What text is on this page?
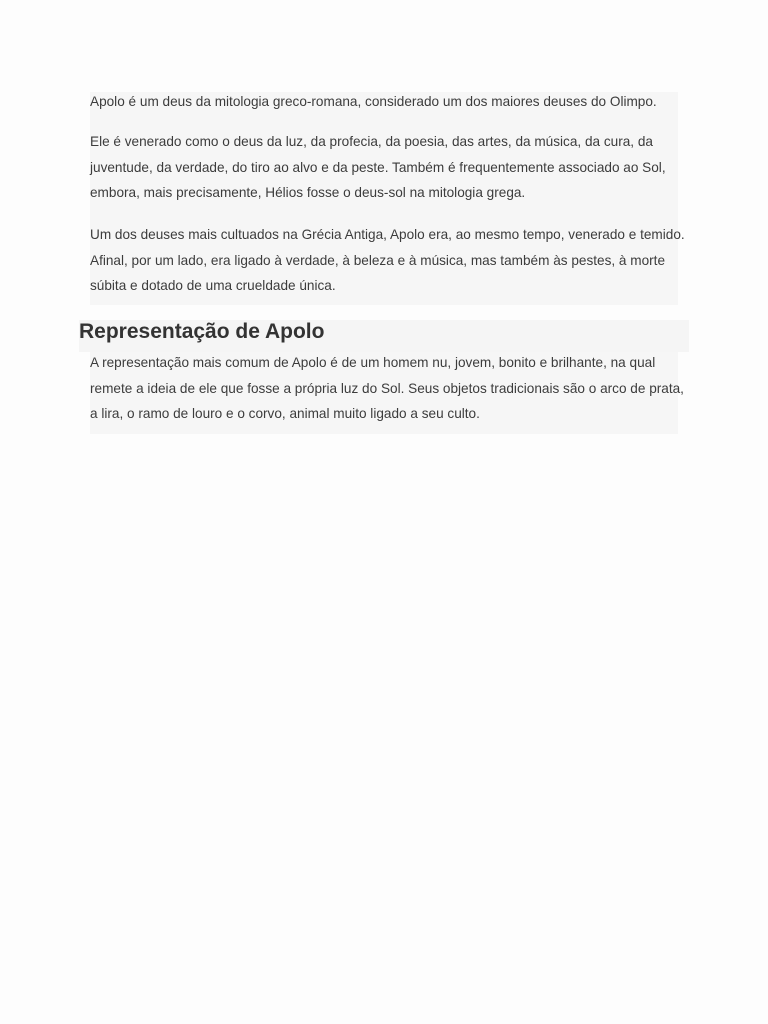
Apolo é um deus da mitologia greco-romana, considerado um dos maiores deuses do Olimpo.

Ele é venerado como o deus da luz, da profecia, da poesia, das artes, da música, da cura, da juventude, da verdade, do tiro ao alvo e da peste. Também é frequentemente associado ao Sol, embora, mais precisamente, Hélios fosse o deus-sol na mitologia grega.

Um dos deuses mais cultuados na Grécia Antiga, Apolo era, ao mesmo tempo, venerado e temido. Afinal, por um lado, era ligado à verdade, à beleza e à música, mas também às pestes, à morte súbita e dotado de uma crueldade única.

Representação de Apolo

A representação mais comum de Apolo é de um homem nu, jovem, bonito e brilhante, na qual remete a ideia de ele que fosse a própria luz do Sol. Seus objetos tradicionais são o arco de prata, a lira, o ramo de louro e o corvo, animal muito ligado a seu culto.
